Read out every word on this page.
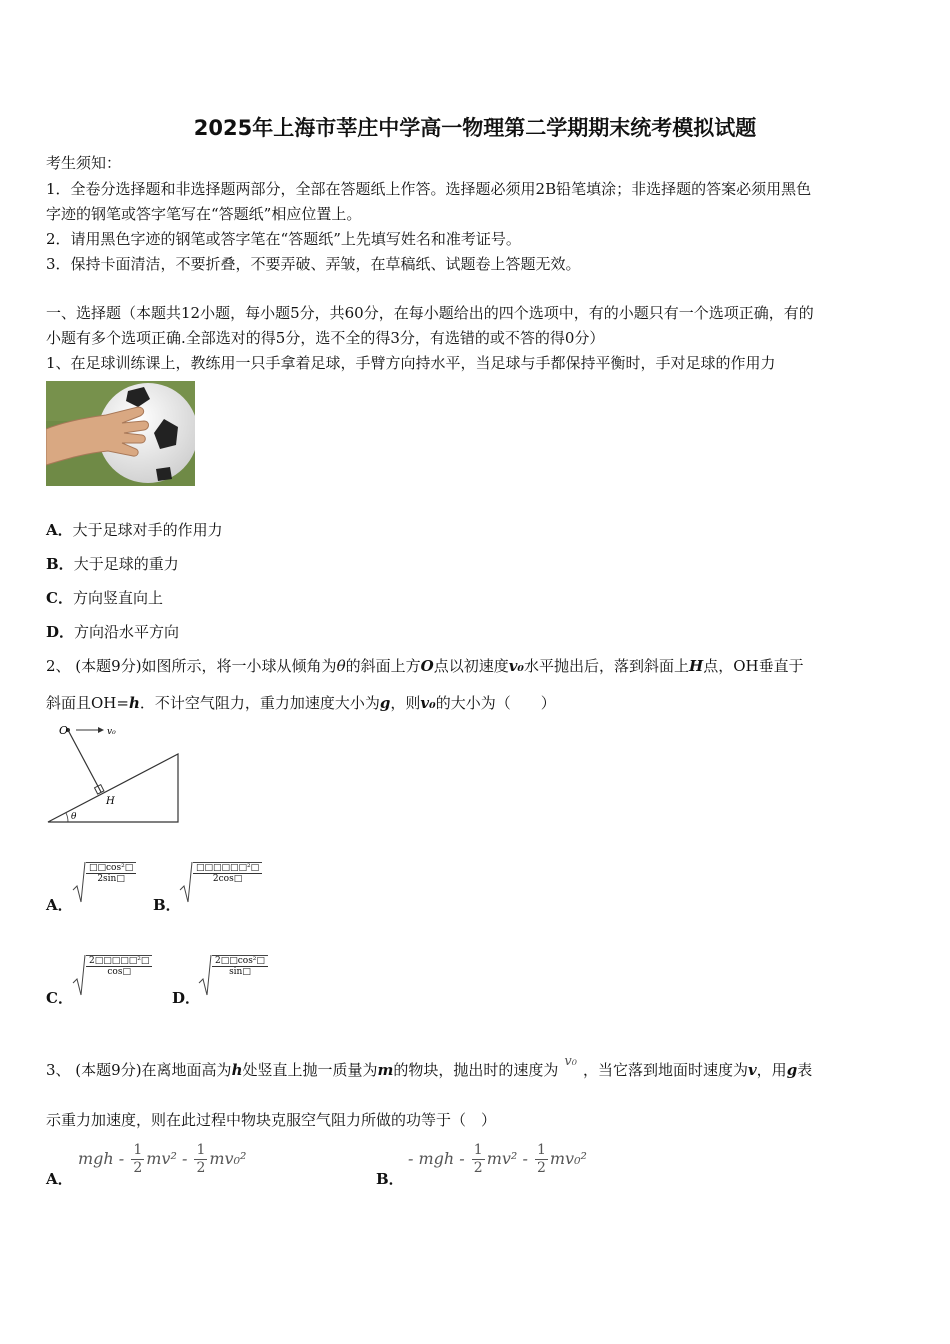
2025年上海市莘庄中学高一物理第二学期期末统考模拟试题
考生须知：
1．全卷分选择题和非选择题两部分，全部在答题纸上作答。选择题必须用2B铅笔填涂；非选择题的答案必须用黑色
字迹的钢笔或答字笔写在“答题纸”相应位置上。
2．请用黑色字迹的钢笔或答字笔在“答题纸”上先填写姓名和准考证号。
3．保持卡面清洁，不要折叠，不要弄破、弄皱，在草稿纸、试题卷上答题无效。
一、选择题（本题共12小题，每小题5分，共60分，在每小题给出的四个选项中，有的小题只有一个选项正确，有的
小题有多个选项正确.全部选对的得5分，选不全的得3分，有选错的或不答的得0分）
1、在足球训练课上，教练用一只手拿着足球，手臂方向持水平，当足球与手都保持平衡时，手对足球的作用力
A．大于足球对手的作用力
B．大于足球的重力
C．方向竖直向上
D．方向沿水平方向
2、 (本题9分)如图所示，将一小球从倾角为θ的斜面上方O点以初速度v₀水平抛出后，落到斜面上H点，OH垂直于
斜面且OH=h．不计空气阻力，重力加速度大小为g，则v₀的大小为（　　）
O	v₀
H
θ
A．
$\frac{\text{□□cos²□}}{2\sin□}$
B．
$\frac{\text{□□□□□□²□}}{2\cos□}$
C．
$\frac{\text{2□□□□□²□}}{\cos□}$
D．
$\frac{\text{2□□cos²□}}{\sin□}$
3、 (本题9分)在离地面高为h处竖直上抛一质量为m的物块，抛出时的速度为 v₀ ，当它落到地面时速度为v，用g表
示重力加速度，则在此过程中物块克服空气阻力所做的功等于（　）
A．
mgh - $\frac{1}{2} mv^2 - \frac{1}{2} mv_0^2$
B．
- mgh - $\frac{1}{2} mv^2 - \frac{1}{2} mv_0^2$
